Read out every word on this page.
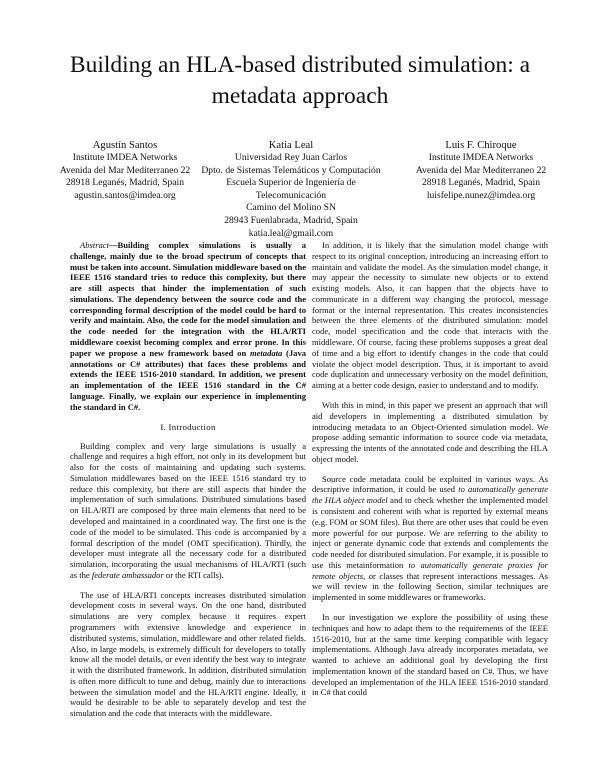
Building an HLA-based distributed simulation: a metadata approach
Agustín Santos
Institute IMDEA Networks
Avenida del Mar Mediterraneo 22
28918 Leganés, Madrid, Spain
agustin.santos@imdea.org
Katia Leal
Universidad Rey Juan Carlos
Dpto. de Sistemas Telemáticos y Computación
Escuela Superior de Ingeniería de Telecomunicación
Camino del Molino SN
28943 Fuenlabrada, Madrid, Spain
katia.leal@gmail.com
Luis F. Chiroque
Institute IMDEA Networks
Avenida del Mar Mediterraneo 22
28918 Leganés, Madrid, Spain
luisfelipe.nunez@imdea.org

Abstract—Building complex simulations is usually a challenge, mainly due to the broad spectrum of concepts that must be taken into account. Simulation middleware based on the IEEE 1516 standard tries to reduce this complexity, but there are still aspects that hinder the implementation of such simulations. The dependency between the source code and the corresponding formal description of the model could be hard to verify and maintain. Also, the code for the model simulation and the code needed for the integration with the HLA/RTI middleware coexist becoming complex and error prone. In this paper we propose a new framework based on metadata (Java annotations or C# attributes) that faces these problems and extends the IEEE 1516-2010 standard. In addition, we present an implementation of the IEEE 1516 standard in the C# language. Finally, we explain our experience in implementing the standard in C#.

I. Introduction

Building complex and very large simulations is usually a challenge and requires a high effort, not only in its development but also for the costs of maintaining and updating such systems. Simulation middlewares based on the IEEE 1516 standard try to reduce this complexity, but there are still aspects that hinder the implementation of such simulations. Distributed simulations based on HLA/RTI are composed by three main elements that need to be developed and maintained in a coordinated way. The first one is the code of the model to be simulated. This code is accompanied by a formal description of the model (OMT specification). Thirdly, the developer must integrate all the necessary code for a distributed simulation, incorporating the usual mechanisms of HLA/RTI (such as the federate ambassador or the RTI calls).

The use of HLA/RTI concepts increases distributed simulation development costs in several ways. On the one hand, distributed simulations are very complex because it requires expert programmers with extensive knowledge and experience in distributed systems, simulation, middleware and other related fields. Also, in large models, is extremely difficult for developers to totally know all the model details, or even identify the best way to integrate it with the distributed framework. In addition, distributed simulation is often more difficult to tune and debug, mainly due to interactions between the simulation model and the HLA/RTI engine. Ideally, it would be desirable to be able to separately develop and test the simulation and the code that interacts with the middleware.

In addition, it is likely that the simulation model change with respect to its original conception, introducing an increasing effort to maintain and validate the model. As the simulation model change, it may appear the necessity to simulate new objects or to extend existing models. Also, it can happen that the objects have to communicate in a different way changing the protocol, message format or the internal representation. This creates inconsistencies between the three elements of the distributed simulation: model code, model specification and the code that interacts with the middleware. Of course, facing these problems supposes a great deal of time and a big effort to identify changes in the code that could violate the object model description. Thus, it is important to avoid code duplication and unnecessary verbosity on the model definition, aiming at a better code design, easier to understand and to modify.

With this in mind, in this paper we present an approach that will aid developers in implementing a distributed simulation by introducing metadata to an Object-Oriented simulation model. We propose adding semantic information to source code via metadata, expressing the intents of the annotated code and describing the HLA object model.

Source code metadata could be exploited in various ways. As descriptive information, it could be used to automatically generate the HLA object model and to check whether the implemented model is consistent and coherent with what is reported by external means (e.g. FOM or SOM files). But there are other uses that could be even more powerful for our purpose. We are referring to the ability to inject or generate dynamic code that extends and complements the code needed for distributed simulation. For example, it is possible to use this metainformation to automatically generate proxies for remote objects, or classes that represent interactions messages. As we will review in the following Section, similar techniques are implemented in some middlewares or frameworks.

In our investigation we explore the possibility of using these techniques and how to adapt them to the requirements of the IEEE 1516-2010, but at the same time keeping compatible with legacy implementations. Although Java already incorporates metadata, we wanted to achieve an additional goal by developing the first implementation known of the standard based on C#. Thus, we have developed an implementation of the HLA IEEE 1516-2010 standard in C# that could
